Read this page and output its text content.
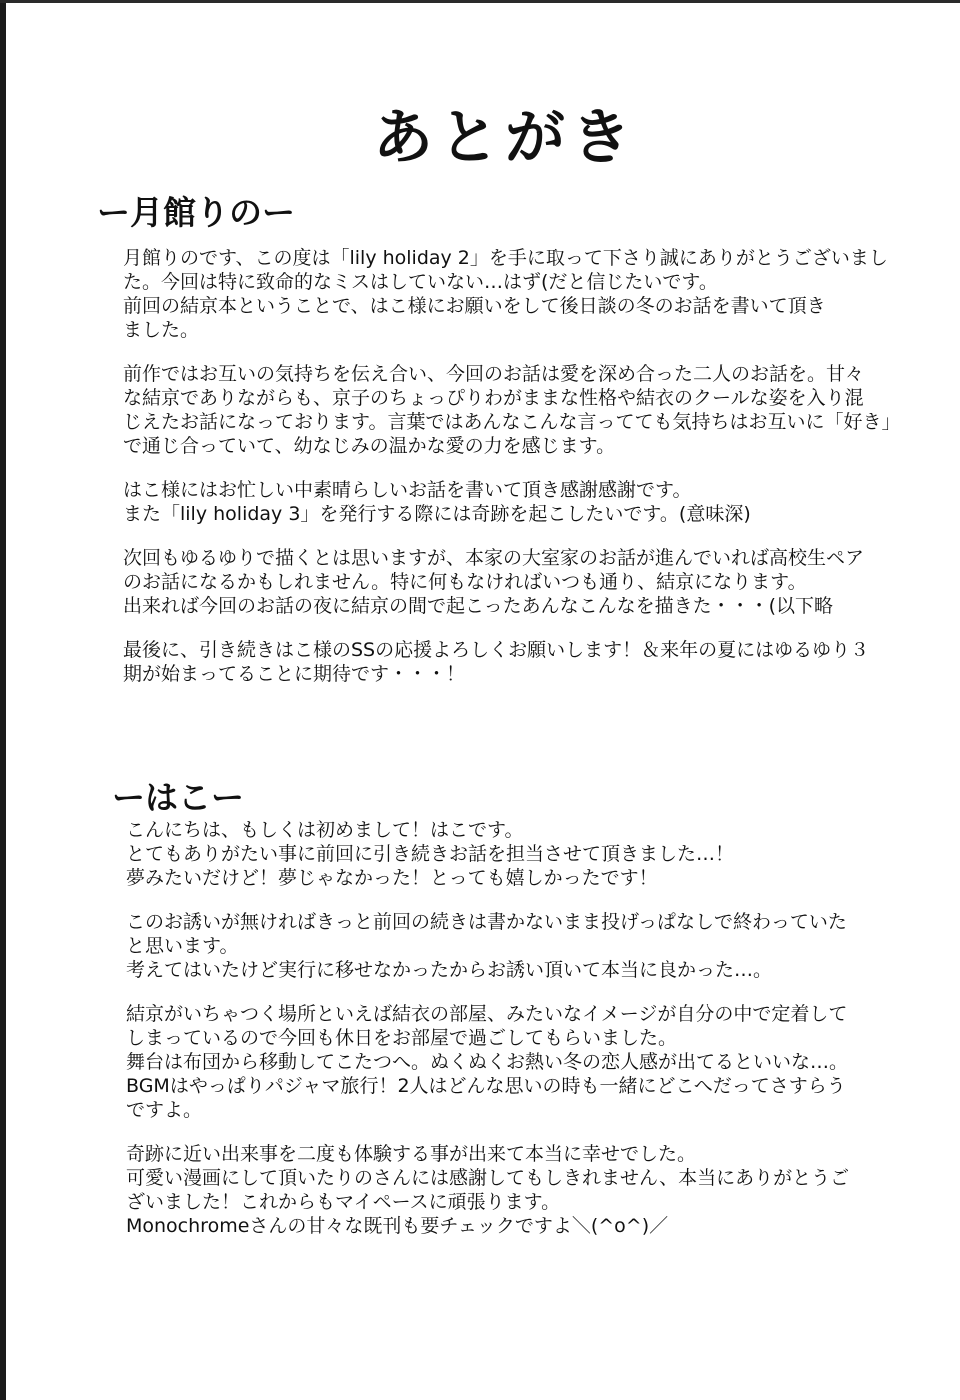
あとがき
ー月館りのー
月館りのです、この度は「lily holiday 2」を手に取って下さり誠にありがとうございまし
た。今回は特に致命的なミスはしていない…はず(だと信じたいです。
前回の結京本ということで、はこ様にお願いをして後日談の冬のお話を書いて頂き
ました。
前作ではお互いの気持ちを伝え合い、今回のお話は愛を深め合った二人のお話を。甘々
な結京でありながらも、京子のちょっぴりわがままな性格や結衣のクールな姿を入り混
じえたお話になっております。言葉ではあんなこんな言ってても気持ちはお互いに「好き」
で通じ合っていて、幼なじみの温かな愛の力を感じます。
はこ様にはお忙しい中素晴らしいお話を書いて頂き感謝感謝です。
また「lily holiday 3」を発行する際には奇跡を起こしたいです。(意味深)
次回もゆるゆりで描くとは思いますが、本家の大室家のお話が進んでいれば高校生ペア
のお話になるかもしれません。特に何もなければいつも通り、結京になります。
出来れば今回のお話の夜に結京の間で起こったあんなこんなを描きた・・・(以下略
最後に、引き続きはこ様のSSの応援よろしくお願いします！＆来年の夏にはゆるゆり３
期が始まってることに期待です・・・！
ーはこー
こんにちは、もしくは初めまして！はこです。
とてもありがたい事に前回に引き続きお話を担当させて頂きました…！
夢みたいだけど！夢じゃなかった！とっても嬉しかったです！
このお誘いが無ければきっと前回の続きは書かないまま投げっぱなしで終わっていた
と思います。
考えてはいたけど実行に移せなかったからお誘い頂いて本当に良かった…。
結京がいちゃつく場所といえば結衣の部屋、みたいなイメージが自分の中で定着して
しまっているので今回も休日をお部屋で過ごしてもらいました。
舞台は布団から移動してこたつへ。ぬくぬくお熱い冬の恋人感が出てるといいな…。
BGMはやっぱりパジャマ旅行！2人はどんな思いの時も一緒にどこへだってさすらう
ですよ。
奇跡に近い出来事を二度も体験する事が出来て本当に幸せでした。
可愛い漫画にして頂いたりのさんには感謝してもしきれません、本当にありがとうご
ざいました！これからもマイペースに頑張ります。
Monochromeさんの甘々な既刊も要チェックですよ＼(^o^)／
